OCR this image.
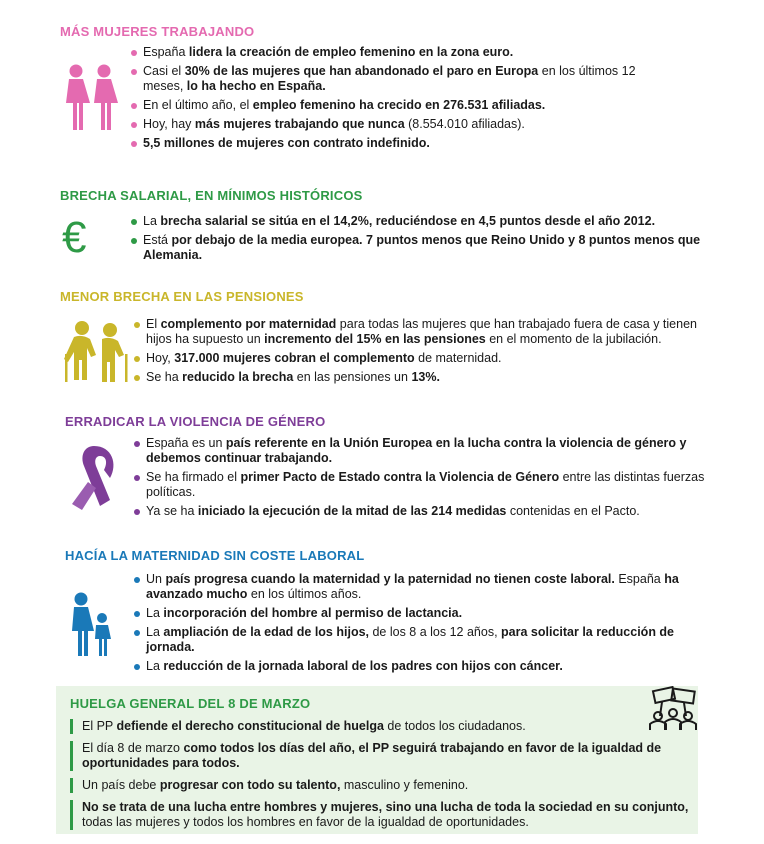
MÁS MUJERES TRABAJANDO
España lidera la creación de empleo femenino en la zona euro.
Casi el 30% de las mujeres que han abandonado el paro en Europa en los últimos 12 meses, lo ha hecho en España.
En el último año, el empleo femenino ha crecido en 276.531 afiliadas.
Hoy, hay más mujeres trabajando que nunca (8.554.010 afiliadas).
5,5 millones de mujeres con contrato indefinido.
BRECHA SALARIAL, EN MÍNIMOS HISTÓRICOS
€	La brecha salarial se sitúa en el 14,2%, reduciéndose en 4,5 puntos desde el año 2012.
Está por debajo de la media europea. 7 puntos menos que Reino Unido y 8 puntos menos que Alemania.
MENOR BRECHA EN LAS PENSIONES
El complemento por maternidad para todas las mujeres que han trabajado fuera de casa y tienen hijos ha supuesto un incremento del 15% en las pensiones en el momento de la jubilación.
Hoy, 317.000 mujeres cobran el complemento de maternidad.
Se ha reducido la brecha en las pensiones un 13%.
ERRADICAR LA VIOLENCIA DE GÉNERO
España es un país referente en la Unión Europea en la lucha contra la violencia de género y debemos continuar trabajando.
Se ha firmado el primer Pacto de Estado contra la Violencia de Género entre las distintas fuerzas políticas.
Ya se ha iniciado la ejecución de la mitad de las 214 medidas contenidas en el Pacto.
HACÍA LA MATERNIDAD SIN COSTE LABORAL
Un país progresa cuando la maternidad y la paternidad no tienen coste laboral. España ha avanzado mucho en los últimos años.
La incorporación del hombre al permiso de lactancia.
La ampliación de la edad de los hijos, de los 8 a los 12 años, para solicitar la reducción de jornada.
La reducción de la jornada laboral de los padres con hijos con cáncer.
HUELGA GENERAL DEL 8 DE MARZO
El PP defiende el derecho constitucional de huelga de todos los ciudadanos.
El día 8 de marzo como todos los días del año, el PP seguirá trabajando en favor de la igualdad de oportunidades para todos.
Un país debe progresar con todo su talento, masculino y femenino.
No se trata de una lucha entre hombres y mujeres, sino una lucha de toda la sociedad en su conjunto, todas las mujeres y todos los hombres en favor de la igualdad de oportunidades.
